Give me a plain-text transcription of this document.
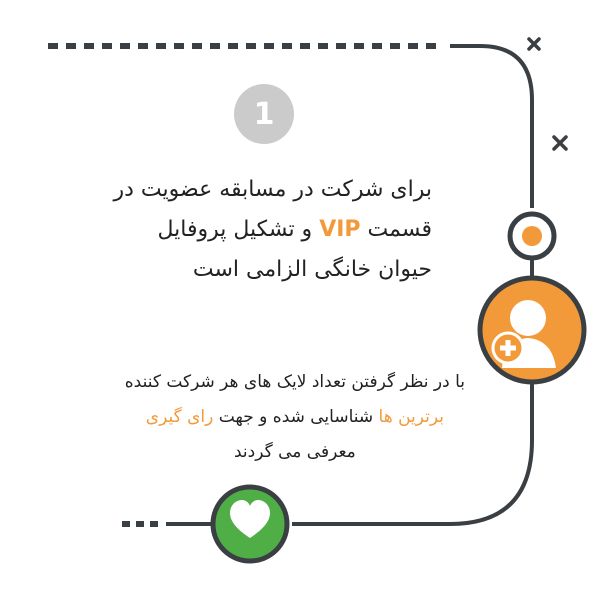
1
برای شرکت در مسابقه عضویت در
قسمت VIP و تشکیل پروفایل
حیوان خانگی الزامی است
با در نظر گرفتن تعداد لایک های هر شرکت کننده
برترین ها شناسایی شده و جهت رای گیری
معرفی می گردند
